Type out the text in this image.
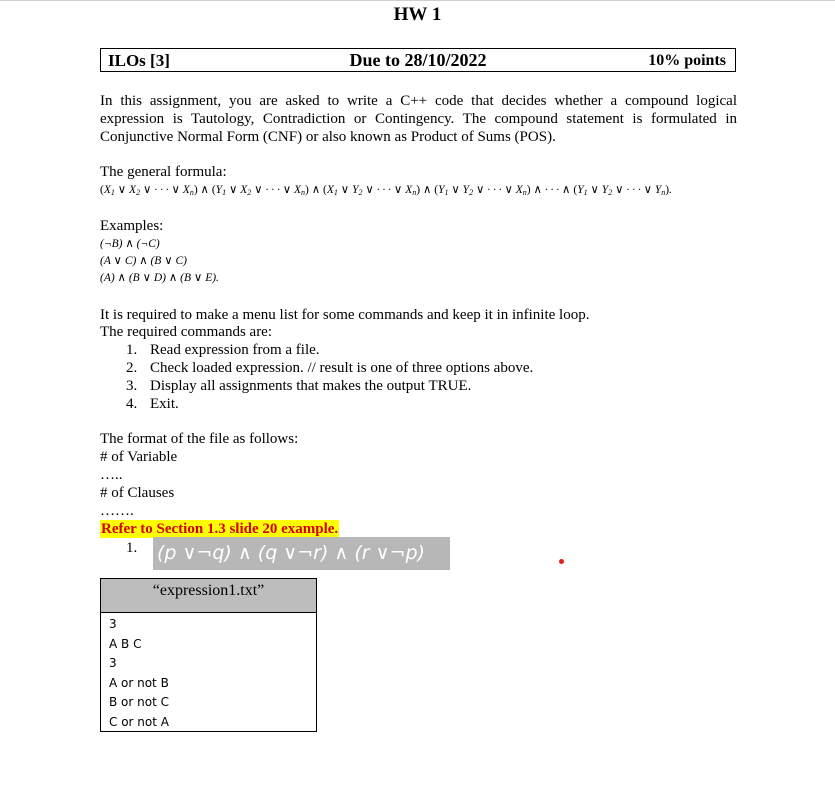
HW 1
ILOs [3]	Due to 28/10/2022	10% points
In this assignment, you are asked to write a C++ code that decides whether a compound logical expression is Tautology, Contradiction or Contingency. The compound statement is formulated in Conjunctive Normal Form (CNF) or also known as Product of Sums (POS).
The general formula:
($X_1$ ∨ $X_2$ ∨ · · · ∨ $X_n$) ∧ ($Y_1$ ∨ $X_2$ ∨ · · · ∨ $X_n$) ∧ ($X_1$ ∨ $Y_2$ ∨ · · · ∨ $X_n$) ∧ ($Y_1$ ∨ $Y_2$ ∨ · · · ∨ $X_n$) ∧ · · · ∧ ($Y_1$ ∨ $Y_2$ ∨ · · · ∨ $Y_n$).
Examples:
(¬B) ∧ (¬C)
(A ∨ C) ∧ (B ∨ C)
(A) ∧ (B ∨ D) ∧ (B ∨ E).
It is required to make a menu list for some commands and keep it in infinite loop.
The required commands are:
1. Read expression from a file.
2. Check loaded expression. // result is one of three options above.
3. Display all assignments that makes the output TRUE.
4. Exit.
The format of the file as follows:
# of Variable
…..
# of Clauses
…….
Refer to Section 1.3 slide 20 example.
1. (p ∨¬q) ∧ (q ∨¬r) ∧ (r ∨¬p)
“expression1.txt”
3
A B C
3
A or not B
B or not C
C or not A
